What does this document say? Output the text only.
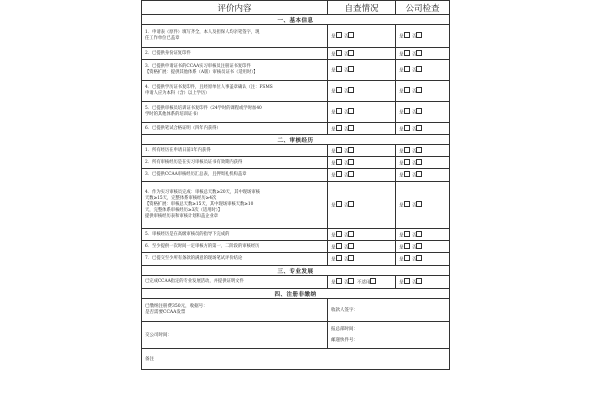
评价内容	自查情况	公司检查
一、基本信息		

1．申请表（原件）填写齐全，本人及担保人均亲笔签字，现
任工作单位已盖章	是 否	是 否

2．已提供身份证复印件	是 否	是 否

3．已提供申请证书的CCAA实习审核员注册证书复印件
【资格扩展：提供其他体系（A版）审核员证书（适用时）】	是 否	是 否

4．已提供学历证书复印件，且经原单位人事盖章确认（注：FSMS
申请人应为本科（含）以上学历）	是 否	是 否

5．已提供审核员培训证书复印件（24学时的课程或学时加40
学时的其他体系的培训证书）	是 否	是 否

6．已提供笔试合格证明（四年内获得）	是 否	是 否
二、审核经历		

1．所有经历在申请日前1年内获得	是 否	是 否

2．所有审核经历是在实习审核员证书有效期内获得	是 否	是 否

3．已提供CCAA审核经历汇总表，且押周礼机构盖章	是 否	是 否

4．作为实习审核员完成：审核总天数≥20天，其中现场审核
天数≥15天，完整体系审核经历≥4次
【资格扩展：审核总天数≥15天，其中现场审核天数≥10
天，完整体系审核经历≥3次（适用时）】
提供审核经历表和审核计划和盖企业章	是 否	是 否

5．审核经历是在高级审核员的指导下完成的	是 否	是 否

6．至少提供一次时间一定审核方的第一、二阶段的审核经历	是 否	是 否

7．已提交至少所有条款的满意的现场笔试评价结论	是 否	是 否
三、专业发展		

已完成CCAA指定的专业发展活动，并提供证明文件	是 否 不适用	是 否
四、注册非缴纳		

已缴纳注册费350元，收据号：
是否需要CCAA发票	收款人签字：	
交公司时间：	报总部时间：
邮递快件号：	

备注		
